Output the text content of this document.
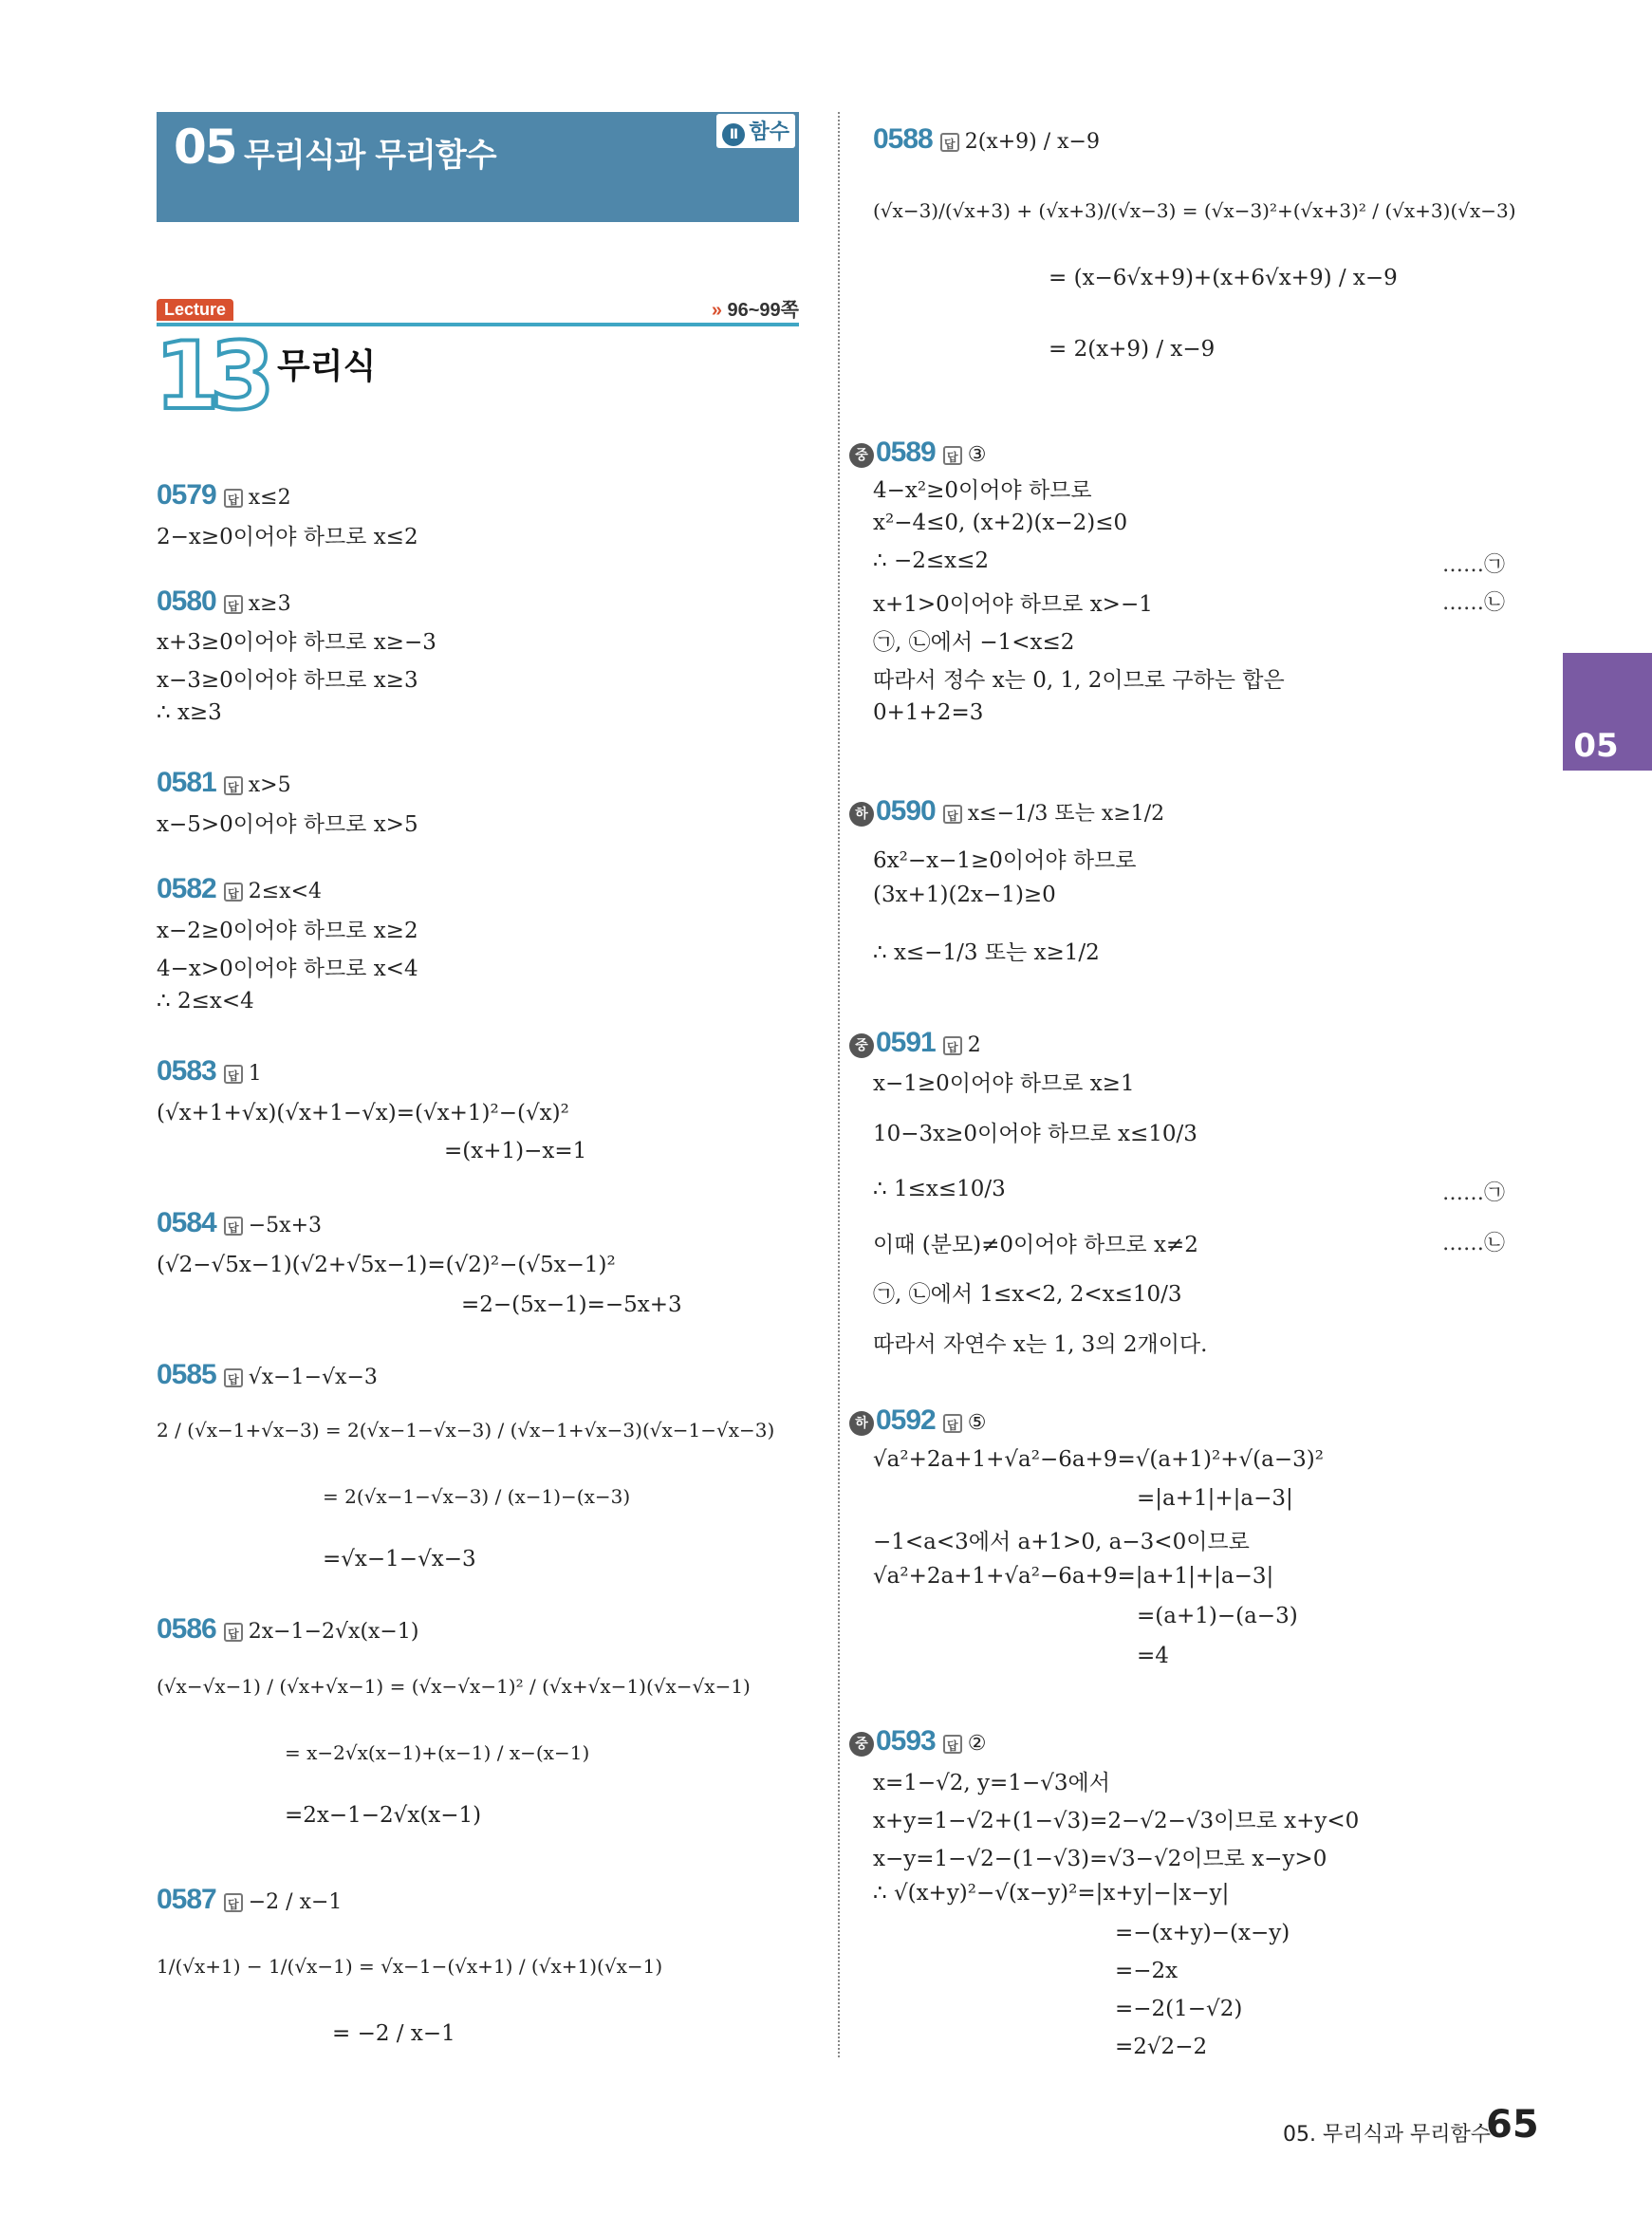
05 무리식과 무리함수
Ⅱ 함수
Lecture	» 96~99쪽
13 무리식
0579 답 x≤2
2−x≥0이어야 하므로 x≤2
0580 답 x≥3
x+3≥0이어야 하므로 x≥−3
x−3≥0이어야 하므로 x≥3
∴ x≥3
0581 답 x>5
x−5>0이어야 하므로 x>5
0582 답 2≤x<4
x−2≥0이어야 하므로 x≥2
4−x>0이어야 하므로 x<4
∴ 2≤x<4
0583 답 1
(√x+1+√x)(√x+1−√x)=(√x+1)²−(√x)²
=(x+1)−x=1
0584 답 −5x+3
(√2−√5x−1)(√2+√5x−1)=(√2)²−(√5x−1)²
=2−(5x−1)=−5x+3
0585 답 √x−1−√x−3
2 / (√x−1+√x−3) = 2(√x−1−√x−3) / (√x−1+√x−3)(√x−1−√x−3)
= 2(√x−1−√x−3) / (x−1)−(x−3)
=√x−1−√x−3
0586 답 2x−1−2√x(x−1)
(√x−√x−1) / (√x+√x−1) = (√x−√x−1)² / (√x+√x−1)(√x−√x−1)
= x−2√x(x−1)+(x−1) / x−(x−1)
=2x−1−2√x(x−1)
0587 답 −2 / x−1
1/(√x+1) − 1/(√x−1) = √x−1−(√x+1) / (√x+1)(√x−1)
= −2 / x−1
0588 답 2(x+9) / x−9
(√x−3)/(√x+3) + (√x+3)/(√x−3) = (√x−3)²+(√x+3)² / (√x+3)(√x−3)
= (x−6√x+9)+(x+6√x+9) / x−9
= 2(x+9) / x−9
중 0589 답 ③
4−x²≥0이어야 하므로
x²−4≤0, (x+2)(x−2)≤0
∴ −2≤x≤2	……㉠
x+1>0이어야 하므로 x>−1	……㉡
㉠, ㉡에서 −1<x≤2
따라서 정수 x는 0, 1, 2이므로 구하는 합은
0+1+2=3
하 0590 답 x≤−1/3 또는 x≥1/2
6x²−x−1≥0이어야 하므로
(3x+1)(2x−1)≥0
∴ x≤−1/3 또는 x≥1/2
중 0591 답 2
x−1≥0이어야 하므로 x≥1
10−3x≥0이어야 하므로 x≤10/3
∴ 1≤x≤10/3	……㉠
이때 (분모)≠0이어야 하므로 x≠2	……㉡
㉠, ㉡에서 1≤x<2, 2<x≤10/3
따라서 자연수 x는 1, 3의 2개이다.
하 0592 답 ⑤
√a²+2a+1+√a²−6a+9=√(a+1)²+√(a−3)²
=|a+1|+|a−3|
−1<a<3에서 a+1>0, a−3<0이므로
√a²+2a+1+√a²−6a+9=|a+1|+|a−3|
=(a+1)−(a−3)
=4
중 0593 답 ②
x=1−√2, y=1−√3에서
x+y=1−√2+(1−√3)=2−√2−√3이므로 x+y<0
x−y=1−√2−(1−√3)=√3−√2이므로 x−y>0
∴ √(x+y)²−√(x−y)²=|x+y|−|x−y|
=−(x+y)−(x−y)
=−2x
=−2(1−√2)
=2√2−2
05
05. 무리식과 무리함수
65
